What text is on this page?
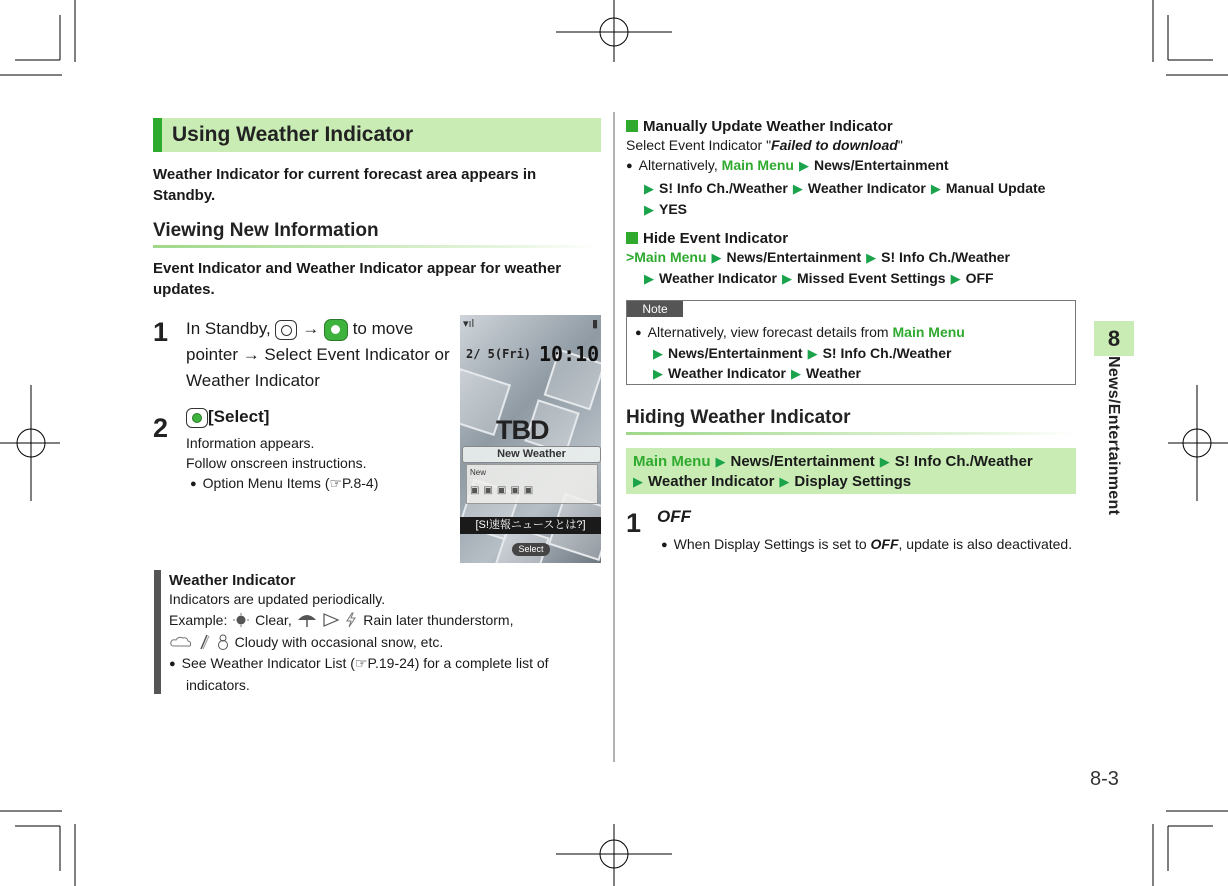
Using Weather Indicator
Weather Indicator for current forecast area appears in Standby.
Viewing New Information
Event Indicator and Weather Indicator appear for weather updates.
1 In Standby, → to move
pointer → Select Event Indicator or
Weather Indicator
2	[Select]
Information appears.
Follow onscreen instructions.
● Option Menu Items (☞P.8-4)
▾ıl	▮
2/ 5(Fri) 10:10
TBD
New Weather
New
▣▣▣▣▣
[S!速報ニュースとは?]
Select
Weather Indicator
Indicators are updated periodically.
Example: Clear,	Rain later thunderstorm,
Cloudy with occasional snow, etc.
● See Weather Indicator List (☞P.19-24) for a complete list of
indicators.
Manually Update Weather Indicator
Select Event Indicator "Failed to download"
● Alternatively, Main Menu ▶ News/Entertainment
▶ S! Info Ch./Weather ▶ Weather Indicator ▶ Manual Update
▶ YES
Hide Event Indicator
>Main Menu ▶ News/Entertainment ▶ S! Info Ch./Weather
▶ Weather Indicator ▶ Missed Event Settings ▶ OFF
Note
● Alternatively, view forecast details from Main Menu
▶ News/Entertainment ▶ S! Info Ch./Weather
▶ Weather Indicator ▶ Weather
Hiding Weather Indicator
Main Menu ▶ News/Entertainment ▶ S! Info Ch./Weather
▶ Weather Indicator ▶ Display Settings
1 OFF
● When Display Settings is set to OFF, update is also deactivated.
8
News/Entertainment
8-3
